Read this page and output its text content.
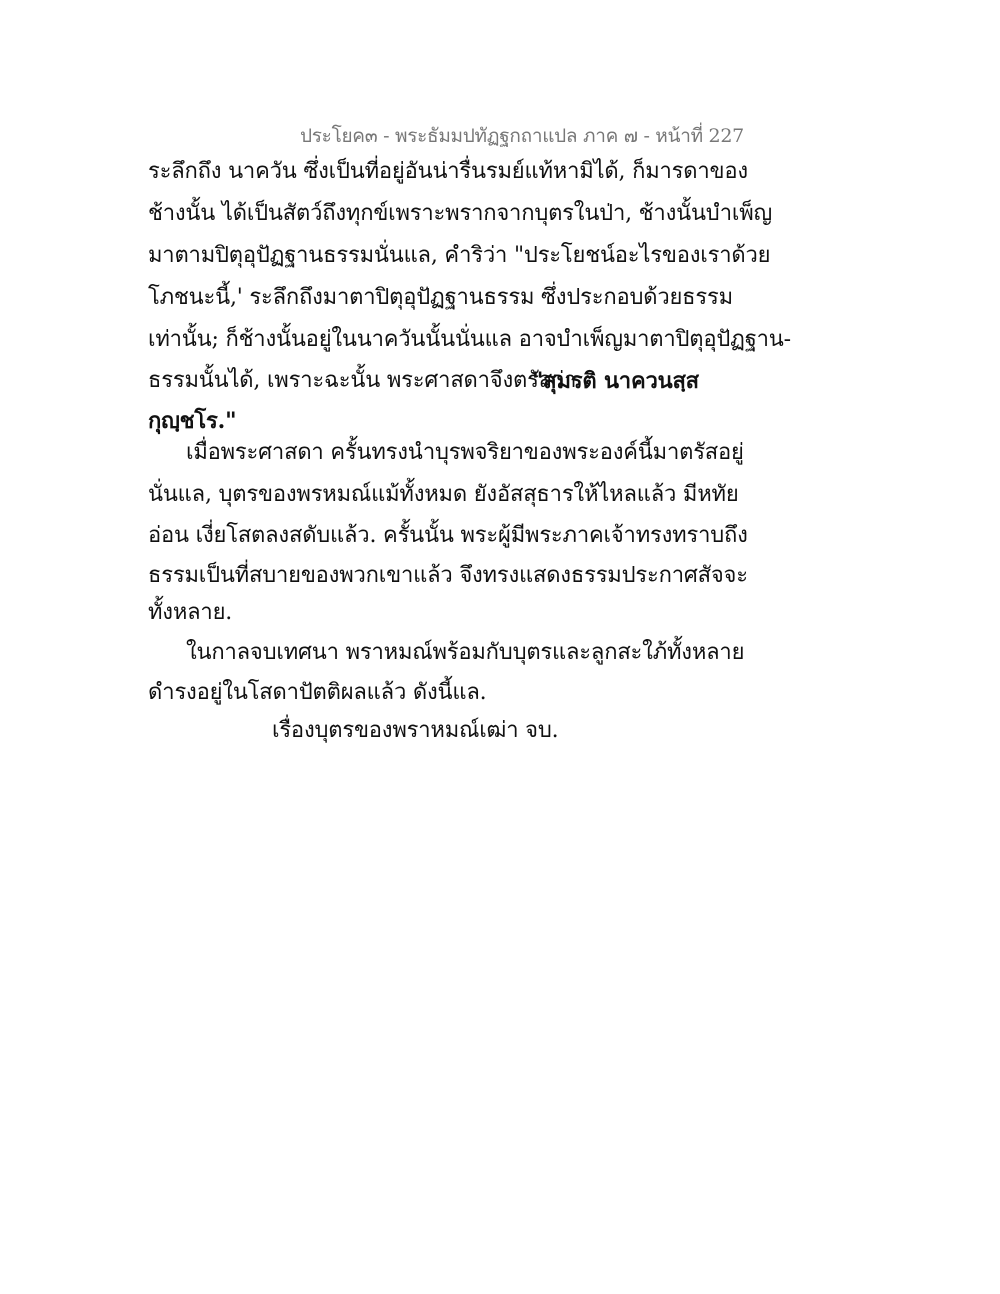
ประโยค๓ - พระธัมมปทัฏฐกถาแปล ภาค ๗ - หน้าที่ 227
ระลึกถึง นาควัน ซึ่งเป็นที่อยู่อันน่ารื่นรมย์แท้หามิได้, ก็มารดาของ
ช้างนั้น ได้เป็นสัตว์ถึงทุกข์เพราะพรากจากบุตรในป่า, ช้างนั้นบำเพ็ญ
มาตามปิตุอุปัฏฐานธรรมนั่นแล, คำริว่า "ประโยชน์อะไรของเราด้วย
โภชนะนี้,' ระลึกถึงมาตาปิตุอุปัฏฐานธรรม ซึ่งประกอบด้วยธรรม
เท่านั้น; ก็ช้างนั้นอยู่ในนาควันนั้นนั่นแล อาจบำเพ็ญมาตาปิตุอุปัฏฐาน-
ธรรมนั้นได้, เพราะฉะนั้น พระศาสดาจึงตรัสว่า
"สุมรติ นาควนสฺส
กุญฺชโร."
เมื่อพระศาสดา ครั้นทรงนำบุรพจริยาของพระองค์นี้มาตรัสอยู่
นั่นแล, บุตรของพรหมณ์แม้ทั้งหมด ยังอัสสุธารให้ไหลแล้ว มีหทัย
อ่อน เงี่ยโสตลงสดับแล้ว. ครั้นนั้น พระผู้มีพระภาคเจ้าทรงทราบถึง
ธรรมเป็นที่สบายของพวกเขาแล้ว จึงทรงแสดงธรรมประกาศสัจจะ
ทั้งหลาย.
ในกาลจบเทศนา พราหมณ์พร้อมกับบุตรและลูกสะใภ้ทั้งหลาย
ดำรงอยู่ในโสดาปัตติผลแล้ว ดังนี้แล.
เรื่องบุตรของพราหมณ์เฒ่า จบ.
